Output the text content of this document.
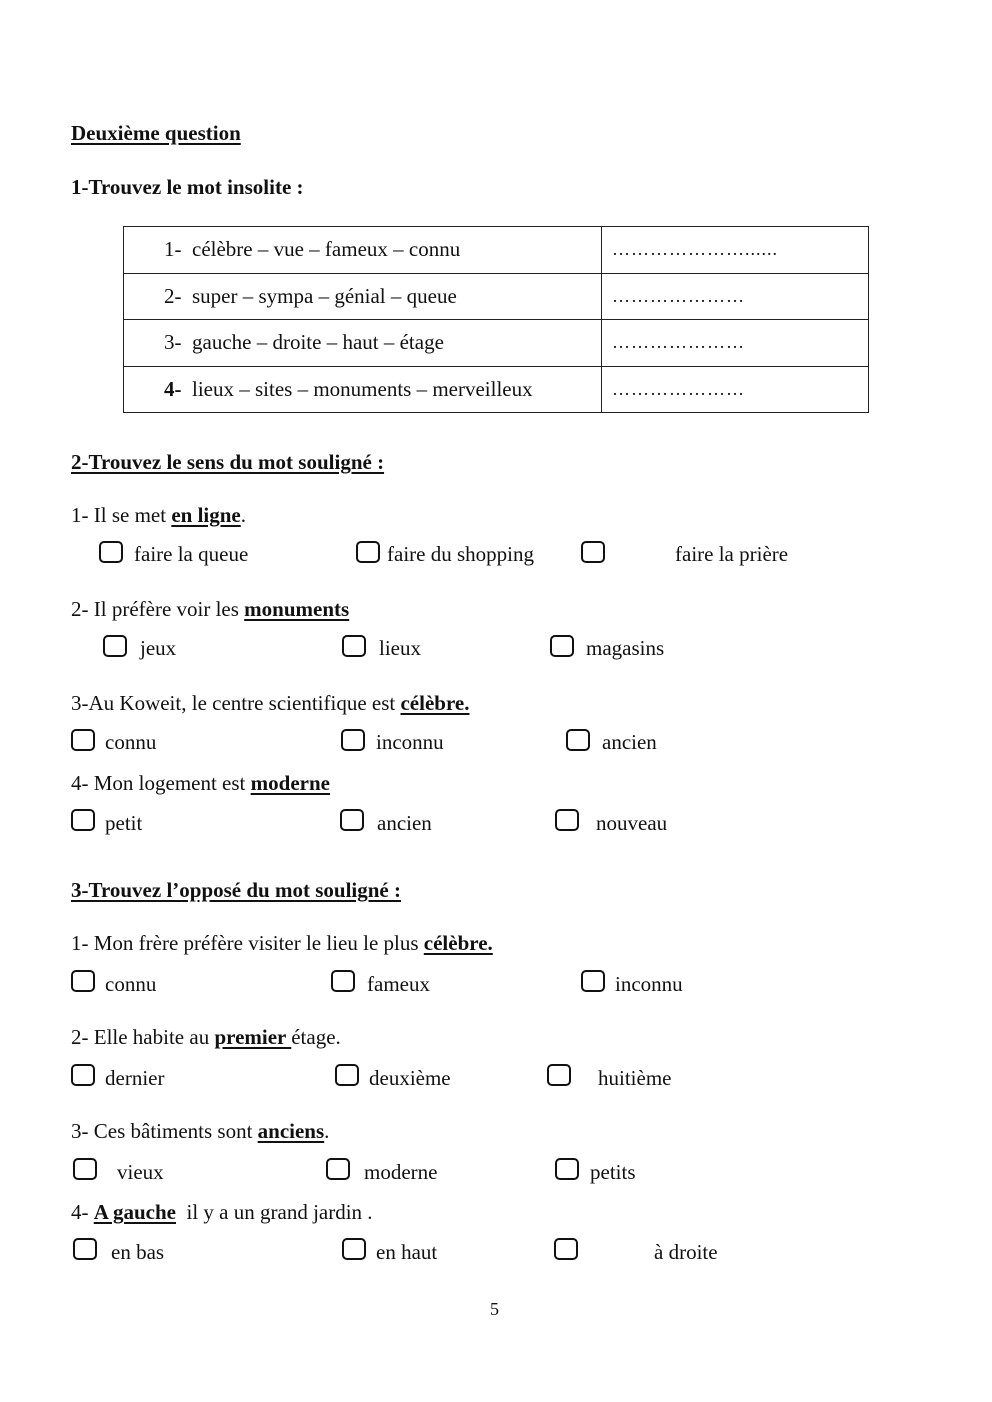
Deuxième question
1-Trouvez le mot insolite :
1- célèbre – vue – fameux – connu	…………………......
2- super – sympa – génial – queue	…………………
3- gauche – droite – haut – étage	…………………
4- lieux – sites – monuments – merveilleux	…………………
2-Trouvez le sens du mot souligné :
1- Il se met en ligne.
faire la queue	faire du shopping	faire la prière
2- Il préfère voir les monuments
jeux	lieux	magasins
3-Au Koweit, le centre scientifique est célèbre.
connu	inconnu	ancien
4- Mon logement est moderne
petit	ancien	nouveau
3-Trouvez l’opposé du mot souligné :
1- Mon frère préfère visiter le lieu le plus célèbre.
connu	fameux	inconnu
2- Elle habite au premier étage.
dernier	deuxième	huitième
3- Ces bâtiments sont anciens.
vieux	moderne	petits
4- A gauche  il y a un grand jardin .
en bas	en haut	à droite
5
